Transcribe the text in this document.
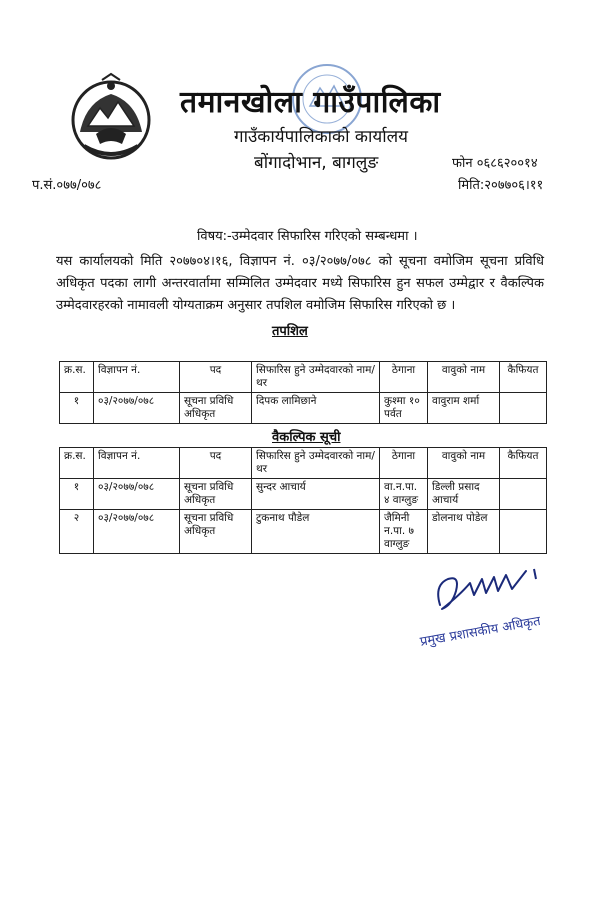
तमानखोला गाउँपालिका
गाउँकार्यपालिकाको कार्यालय
बोंगादोभान, बागलुङ	फोन ०६८६२००१४
प.सं.०७७/०७८	मिति:२०७७०६।११
विषय:-उम्मेदवार सिफारिस गरिएको सम्बन्धमा ।
यस कार्यालयको मिति २०७७०४।१६, विज्ञापन नं. ०३/२०७७/०७८ को सूचना वमोजिम सूचना प्रविधि अधिकृत पदका लागी अन्तरवार्तामा सम्मिलित उम्मेदवार मध्ये सिफारिस हुन सफल उम्मेद्वार र वैकल्पिक उम्मेदवारहरको नामावली योग्यताक्रम अनुसार तपशिल वमोजिम सिफारिस गरिएको छ ।
तपशिल
क्र.स.	विज्ञापन नं.	पद	सिफारिस हुने उम्मेदवारको नाम/थर	ठेगाना	वावुको नाम	कैफियत
१	०३/२०७७/०७८	सूचना प्रविधि अधिकृत	दिपक लामिछाने	कुश्मा १० पर्वत	वावुराम शर्मा	
वैकल्पिक सूची
क्र.स.	विज्ञापन नं.	पद	सिफारिस हुने उम्मेदवारको नाम/थर	ठेगाना	वावुको नाम	कैफियत
१	०३/२०७७/०७८	सूचना प्रविधि अधिकृत	सुन्दर आचार्य	वा.न.पा. ४ वाग्लुङ	डिल्ली प्रसाद आचार्य	
२	०३/२०७७/०७८	सूचना प्रविधि अधिकृत	टुकनाथ पौडेल	जैमिनी न.पा. ७ वाग्लुङ	डोलनाथ पोडेल	
प्रमुख प्रशासकीय अधिकृत
